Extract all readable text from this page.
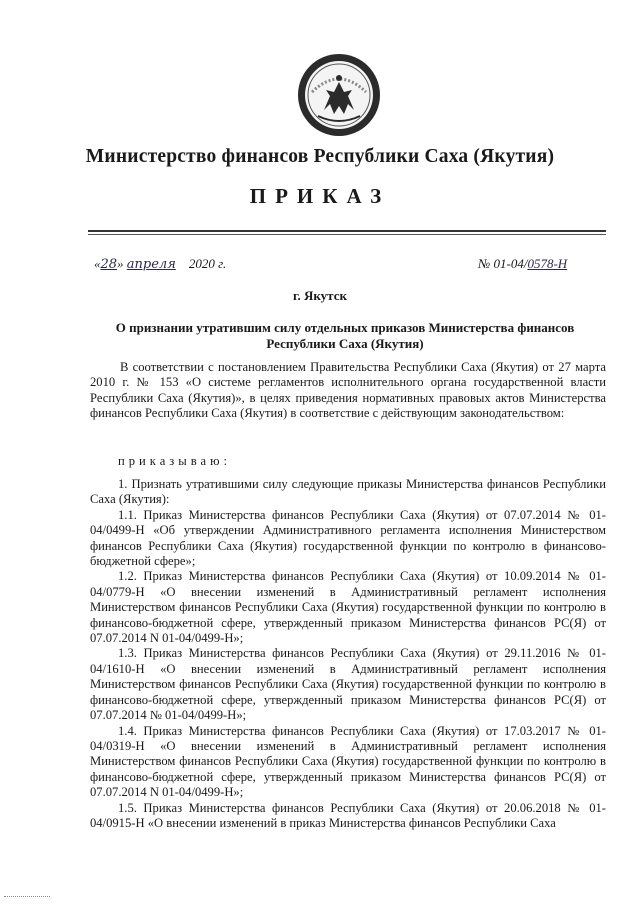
Министерство финансов Республики Саха (Якутия)
ПРИКАЗ
«28» апреля 2020 г.	№ 01-04/0578-Н
г. Якутск
О признании утратившим силу отдельных приказов Министерства финансов Республики Саха (Якутия)

В соответствии с постановлением Правительства Республики Саха (Якутия) от 27 марта 2010 г. № 153 «О системе регламентов исполнительного органа государственной власти Республики Саха (Якутия)», в целях приведения нормативных правовых актов Министерства финансов Республики Саха (Якутия) в соответствие с действующим законодательством:

приказываю:

1. Признать утратившими силу следующие приказы Министерства финансов Республики Саха (Якутия):

1.1. Приказ Министерства финансов Республики Саха (Якутия) от 07.07.2014 № 01-04/0499-Н «Об утверждении Административного регламента исполнения Министерством финансов Республики Саха (Якутия) государственной функции по контролю в финансово-бюджетной сфере»;

1.2. Приказ Министерства финансов Республики Саха (Якутия) от 10.09.2014 № 01-04/0779-Н «О внесении изменений в Административный регламент исполнения Министерством финансов Республики Саха (Якутия) государственной функции по контролю в финансово-бюджетной сфере, утвержденный приказом Министерства финансов РС(Я) от 07.07.2014 N 01-04/0499-Н»;

1.3. Приказ Министерства финансов Республики Саха (Якутия) от 29.11.2016 № 01-04/1610-Н «О внесении изменений в Административный регламент исполнения Министерством финансов Республики Саха (Якутия) государственной функции по контролю в финансово-бюджетной сфере, утвержденный приказом Министерства финансов РС(Я) от 07.07.2014 № 01-04/0499-Н»;

1.4. Приказ Министерства финансов Республики Саха (Якутия) от 17.03.2017 № 01-04/0319-Н «О внесении изменений в Административный регламент исполнения Министерством финансов Республики Саха (Якутия) государственной функции по контролю в финансово-бюджетной сфере, утвержденный приказом Министерства финансов РС(Я) от 07.07.2014 N 01-04/0499-Н»;

1.5. Приказ Министерства финансов Республики Саха (Якутия) от 20.06.2018 № 01-04/0915-Н «О внесении изменений в приказ Министерства финансов Республики Саха
